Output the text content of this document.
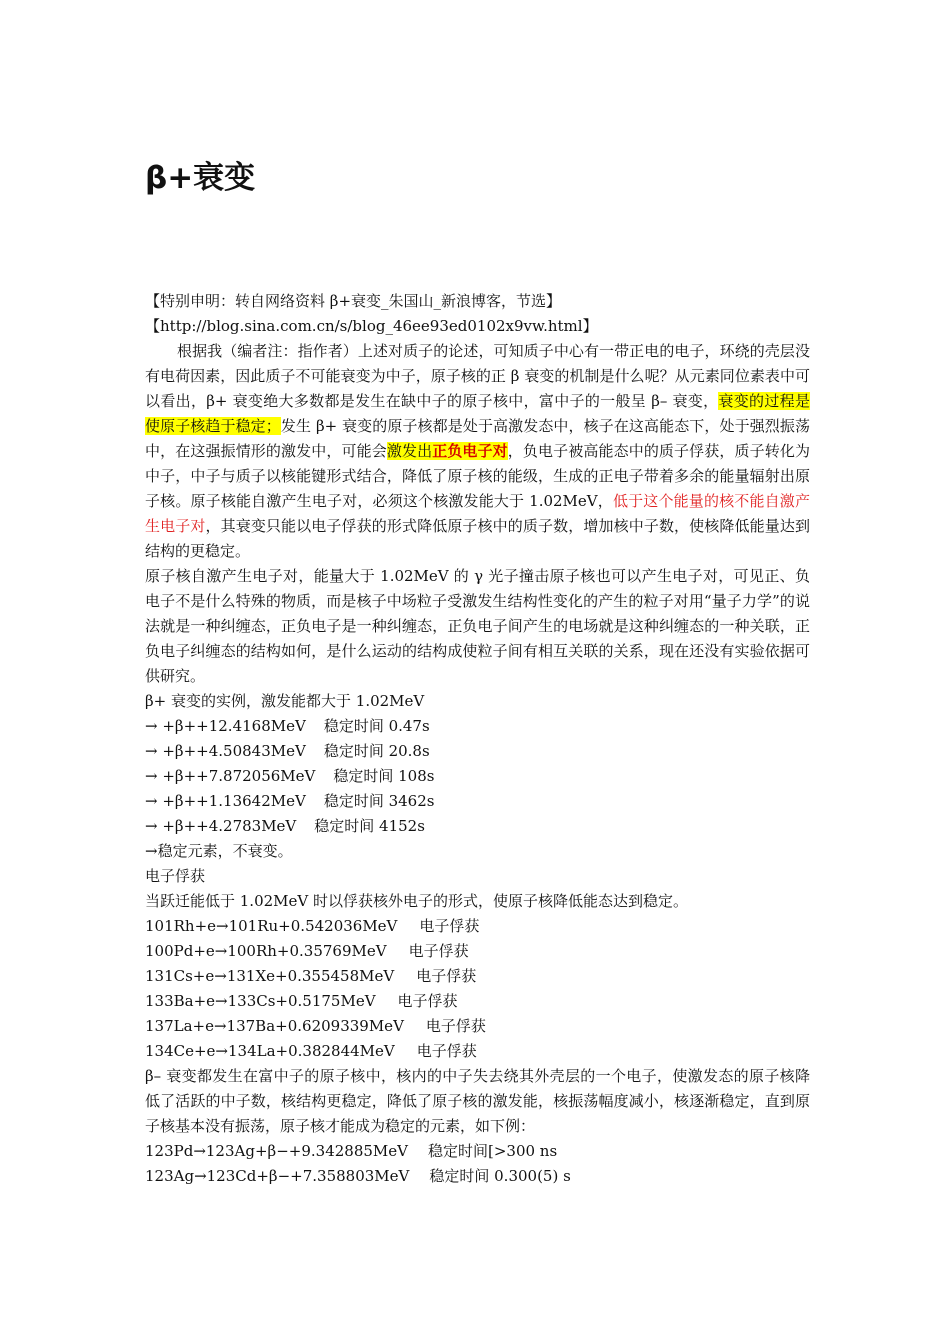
β+衰变
【特别申明：转自网络资料 β+衰变_朱国山_新浪博客，节选】
【http://blog.sina.com.cn/s/blog_46ee93ed0102x9vw.html】
根据我（编者注：指作者）上述对质子的论述，可知质子中心有一带正电的电子，环绕的壳层没有电荷因素，因此质子不可能衰变为中子，原子核的正 β 衰变的机制是什么呢？从元素同位素表中可以看出，β+ 衰变绝大多数都是发生在缺中子的原子核中，富中子的一般呈 β– 衰变，衰变的过程是使原子核趋于稳定；发生 β+ 衰变的原子核都是处于高激发态中，核子在这高能态下，处于强烈振荡中，在这强振情形的激发中，可能会激发出正负电子对，负电子被高能态中的质子俘获，质子转化为中子，中子与质子以核能键形式结合，降低了原子核的能级，生成的正电子带着多余的能量辐射出原子核。原子核能自激产生电子对，必须这个核激发能大于 1.02MeV，低于这个能量的核不能自激产生电子对，其衰变只能以电子俘获的形式降低原子核中的质子数，增加核中子数，使核降低能量达到结构的更稳定。
原子核自激产生电子对，能量大于 1.02MeV 的 γ 光子撞击原子核也可以产生电子对，可见正、负电子不是什么特殊的物质，而是核子中场粒子受激发生结构性变化的产生的粒子对用“量子力学”的说法就是一种纠缠态，正负电子是一种纠缠态，正负电子间产生的电场就是这种纠缠态的一种关联，正负电子纠缠态的结构如何，是什么运动的结构成使粒子间有相互关联的关系，现在还没有实验依据可供研究。
β+ 衰变的实例，激发能都大于 1.02MeV
→ +β++12.4168MeV 稳定时间 0.47s
→ +β++4.50843MeV 稳定时间 20.8s
→ +β++7.872056MeV 稳定时间 108s
→ +β++1.13642MeV 稳定时间 3462s
→ +β++4.2783MeV 稳定时间 4152s
→稳定元素，不衰变。
电子俘获
当跃迁能低于 1.02MeV 时以俘获核外电子的形式，使原子核降低能态达到稳定。
101Rh+e→101Ru+0.542036MeV 电子俘获
100Pd+e→100Rh+0.35769MeV 电子俘获
131Cs+e→131Xe+0.355458MeV 电子俘获
133Ba+e→133Cs+0.5175MeV 电子俘获
137La+e→137Ba+0.6209339MeV 电子俘获
134Ce+e→134La+0.382844MeV 电子俘获
β– 衰变都发生在富中子的原子核中，核内的中子失去绕其外壳层的一个电子，使激发态的原子核降低了活跃的中子数，核结构更稳定，降低了原子核的激发能，核振荡幅度减小，核逐渐稳定，直到原子核基本没有振荡，原子核才能成为稳定的元素，如下例：
123Pd→123Ag+β−+9.342885MeV 稳定时间[>300 ns
123Ag→123Cd+β−+7.358803MeV 稳定时间 0.300(5) s
